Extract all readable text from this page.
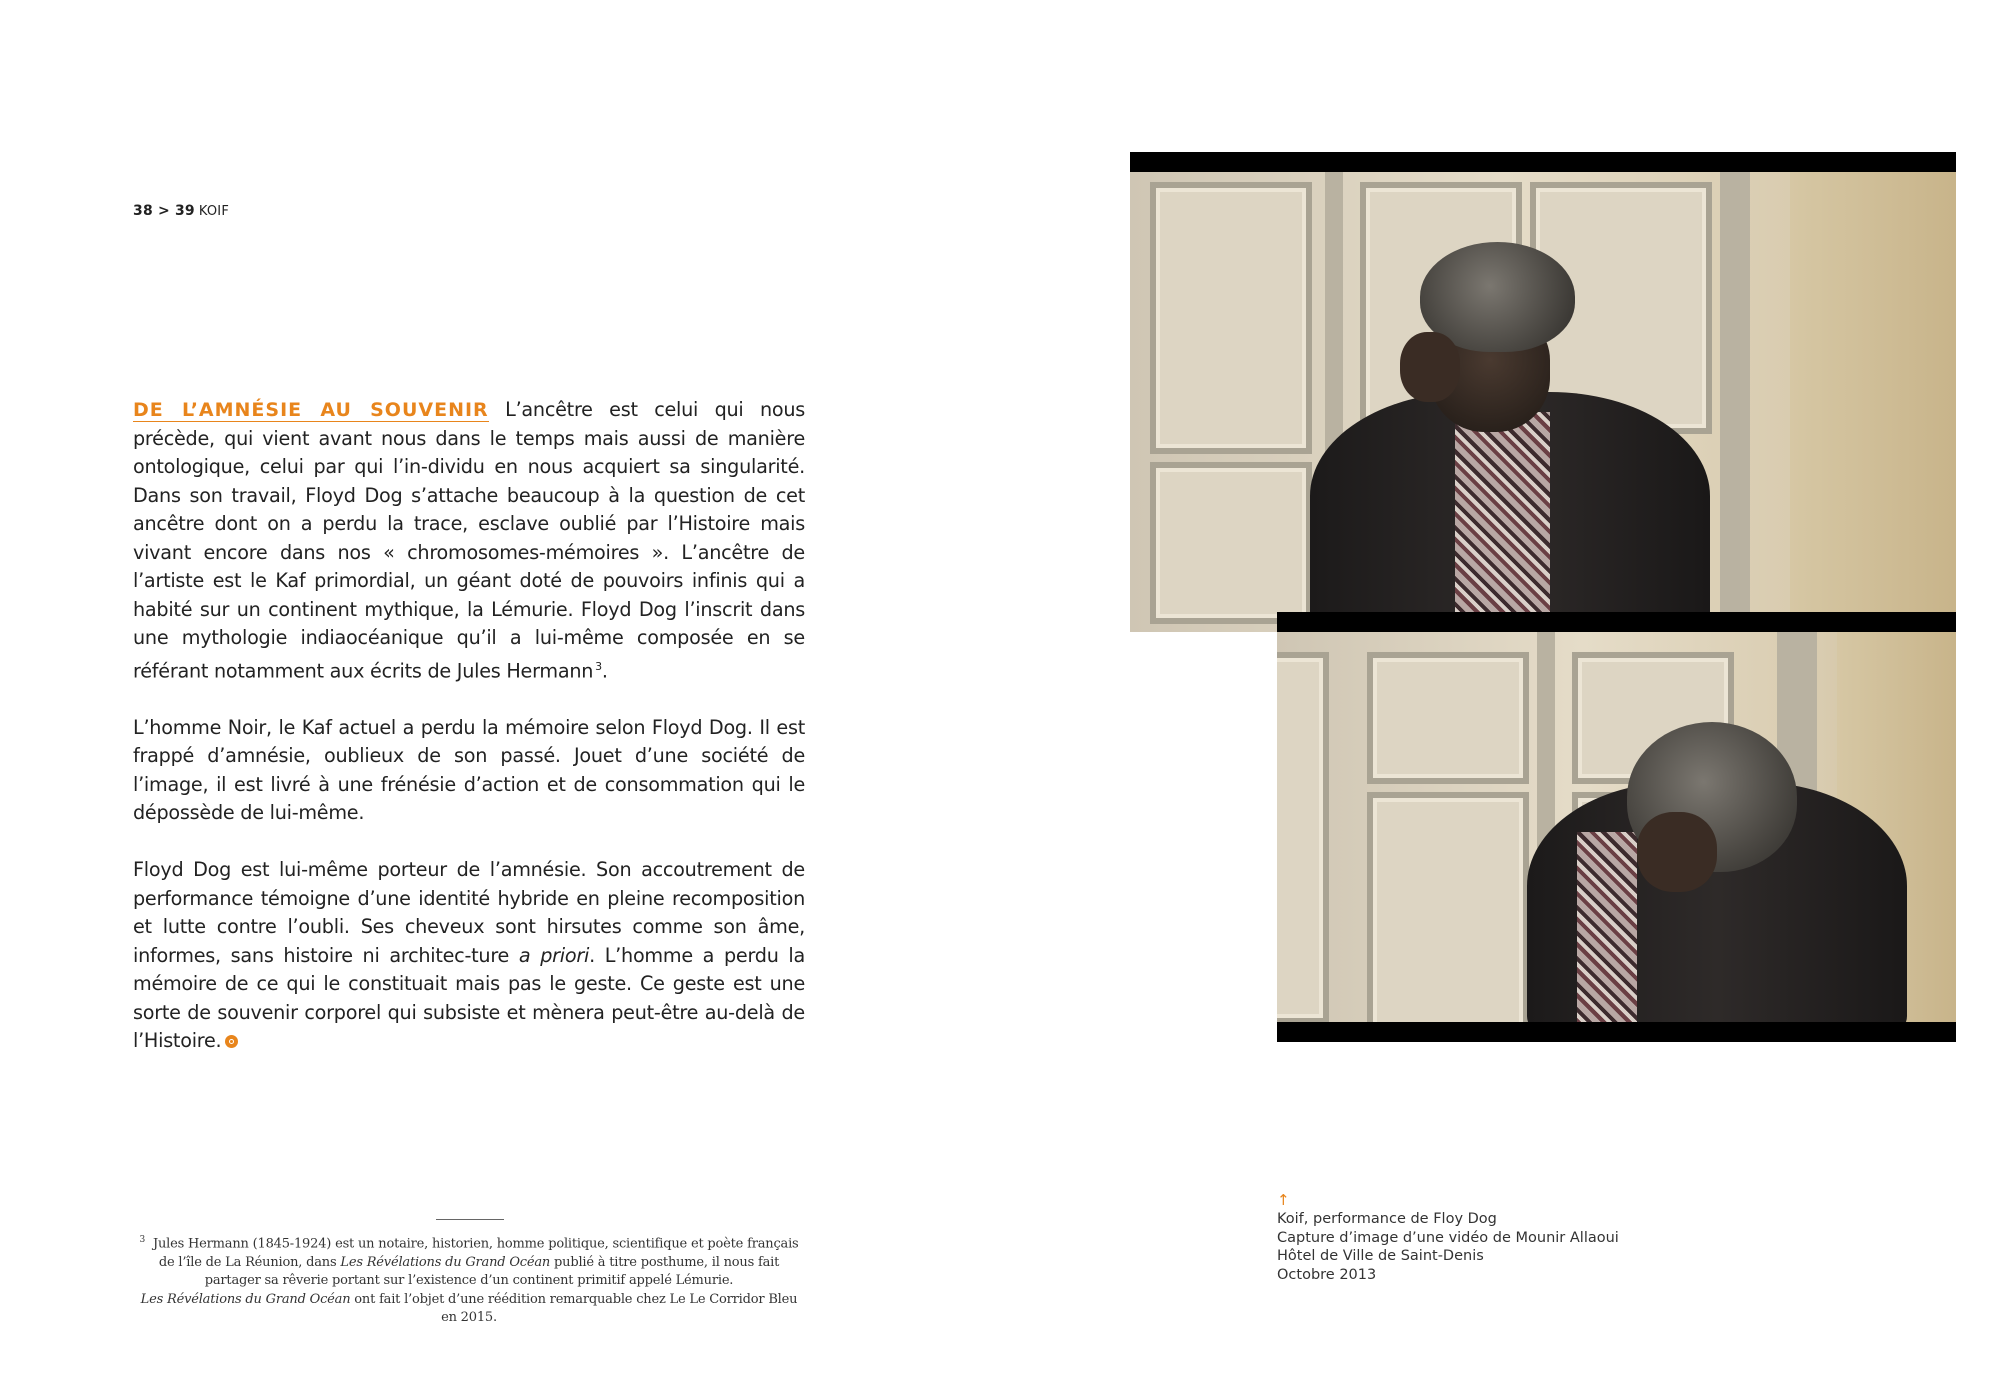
38 > 39 KOIF

DE L’AMNÉSIE AU SOUVENIR L’ancêtre est celui qui nous précède, qui vient avant nous dans le temps mais aussi de manière ontologique, celui par qui l’in-dividu en nous acquiert sa singularité. Dans son travail, Floyd Dog s’attache beaucoup à la question de cet ancêtre dont on a perdu la trace, esclave oublié par l’Histoire mais vivant encore dans nos « chromosomes-mémoires ». L’ancêtre de l’artiste est le Kaf primordial, un géant doté de pouvoirs infinis qui a habité sur un continent mythique, la Lémurie. Floyd Dog l’inscrit dans une mythologie indiaocéanique qu’il a lui-même composée en se référant notamment aux écrits de Jules Hermann $^3$.

L’homme Noir, le Kaf actuel a perdu la mémoire selon Floyd Dog. Il est frappé d’amnésie, oublieux de son passé. Jouet d’une société de l’image, il est livré à une frénésie d’action et de consommation qui le dépossède de lui-même.

Floyd Dog est lui-même porteur de l’amnésie. Son accoutrement de performance témoigne d’une identité hybride en pleine recomposition et lutte contre l’oubli. Ses cheveux sont hirsutes comme son âme, informes, sans histoire ni architec-ture a priori. L’homme a perdu la mémoire de ce qui le constituait mais pas le geste. Ce geste est une sorte de souvenir corporel qui subsiste et mènera peut-être au-delà de l’Histoire.

$^3$ Jules Hermann (1845-1924) est un notaire, historien, homme politique, scientifique et poète français de l’île de La Réunion, dans Les Révélations du Grand Océan publié à titre posthume, il nous fait partager sa rêverie portant sur l’existence d’un continent primitif appelé Lémurie.
Les Révélations du Grand Océan ont fait l’objet d’une réédition remarquable chez Le Le Corridor Bleu en 2015.
↑
Koif, performance de Floy Dog
Capture d’image d’une vidéo de Mounir Allaoui
Hôtel de Ville de Saint-Denis
Octobre 2013
